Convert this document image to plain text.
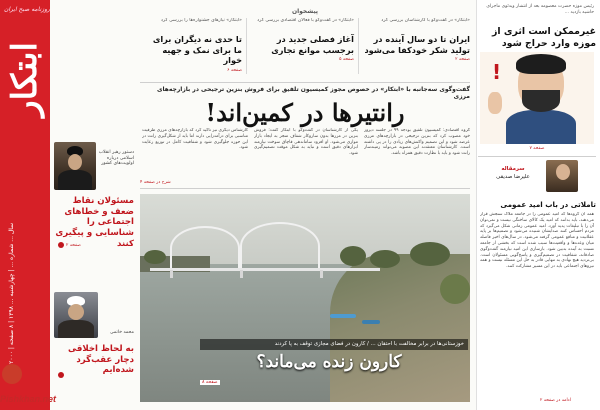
روزنامه صبح ایران
ابتکار
سال ... شماره ... | چهارشنبه ... ۱۳۹۸ | ۸ صفحه | ۲۰۰۰
Pishkhan.net
دستور رهبر انقلاب اسلامی درباره اولویت‌های کشور
مسئولان نقاط ضعف و خطاهای اجتماعی را شناسایی و پیگیری کنند
صفحه ۲
محمد خاتمی
به لحاظ اخلاقی دچار عقب‌گرد شده‌ایم
پیشخوان
«ابتکار» در گفت‌وگو با کارشناسان بررسی کرد
ایران تا دو سال آینده در تولید شکر خودکفا می‌شود
صفحه ۲
«ابتکار» در گفت‌وگو با فعالان اقتصادی بررسی کرد
آغاز فصلی جدید در برجسب موانع تجاری
صفحه ۵
«ابتکار» نیازهای جشنواره‌ها را بررسی کرد
تا حدی نه دیگران برای ما برای نمک و جهیه خوار
صفحه ۶
گفت‌وگوی سه‌جانبه با «ابتکار» در خصوص مجوز کمیسیون تلفیق برای فروش بنزین ترجیحی در بازارچه‌های مرزی
رانتیرها در کمین‌اند!
گروه اقتصادی: کمیسیون تلفیق بودجه ۹۹ در جلسه دیروز خود مصوب کرد که بنزین ترجیحی در بازارچه‌های مرزی عرضه شود و این تصمیم واکنش‌های زیادی را در پی داشته است. کارشناسان معتقدند این مصوبه می‌تواند زمینه‌ساز رانت شود و باید با نظارت دقیق همراه باشد.
یکی از کارشناسان در گفت‌وگو با ابتکار گفت: فروش بنزین در مرزها بدون سازوکار شفاف منجر به ایجاد بازار موازی می‌شود. او افزود ساماندهی قاچاق سوخت نیازمند ابزارهای دقیق است و نباید به شکل موقت تصمیم‌گیری شود.
کارشناس دیگری نیز تاکید کرد که بازارچه‌های مرزی ظرفیت مناسبی برای درآمدزایی دارند اما باید از شکل‌گیری رانت در این حوزه جلوگیری شود و شفافیت کامل در توزیع رعایت شود.
شرح در صفحه ۴
خوزستانی‌ها در برابر مخالفت با احتقان ... / کارون در فضای مجازی توقف به پا کردند
کارون زنده می‌ماند؟
صفحه ۸
رئیس موزه حضرت معصومه بعد از انتشار ویدئوی ماجرای حاشیه بازدید ...
غیرممکن است اثری از موزه وارد حراج شود
!
صفحه ۷
سرمقاله
علیرضا صدیقی
تاملاتی در باب امید عمومی
همه آن گروه‌ها که امید عمومی را در جامعه ملاک سنجش قرار می‌دهند، باید بدانند که امید یک کالای ساختگی نیست و نمی‌توان آن را با تبلیغات پدید آورد. امید عمومی زمانی شکل می‌گیرد که مردم احساس کنند صدایشان شنیده می‌شود و تصمیم‌ها بر پایه عقلانیت و منافع عمومی گرفته می‌شود. در سال‌های اخیر فاصله میان وعده‌ها و واقعیت‌ها سبب شده است که بخشی از جامعه نسبت به آینده بدبین شود. بازسازی این امید نیازمند گفت‌وگوی صادقانه، شفافیت در تصمیم‌گیری و پاسخ‌گویی مسئولان است. بی‌تردید هیچ نهادی به تنهایی قادر به حل این مسئله نیست و همه نیروهای اجتماعی باید در این مسیر مشارکت کنند.
ادامه در صفحه ۲
